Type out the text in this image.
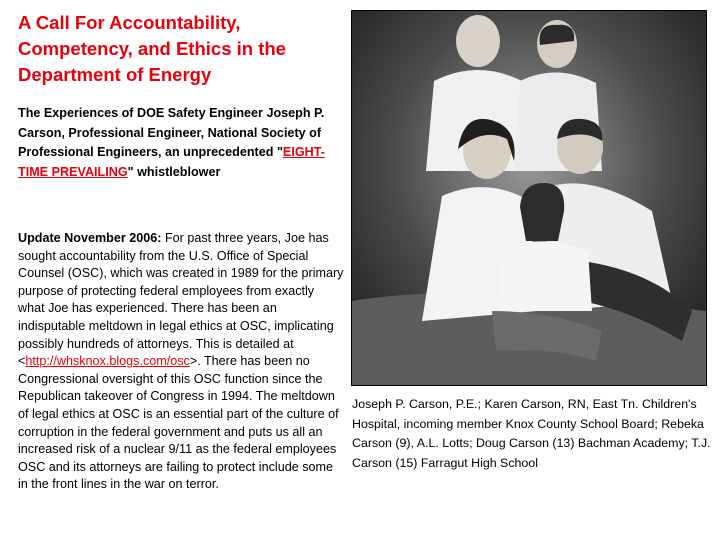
A Call For Accountability, Competency, and Ethics in the Department of Energy
The Experiences of DOE Safety Engineer Joseph P. Carson, Professional Engineer, National Society of Professional Engineers, an unprecedented "EIGHT-TIME PREVAILING" whistleblower
Update November 2006: For past three years, Joe has sought accountability from the U.S. Office of Special Counsel (OSC), which was created in 1989 for the primary purpose of protecting federal employees from exactly what Joe has experienced. There has been an indisputable meltdown in legal ethics at OSC, implicating possibly hundreds of attorneys. This is detailed at <http://whsknox.blogs.com/osc>. There has been no Congressional oversight of this OSC function since the Republican takeover of Congress in 1994. The meltdown of legal ethics at OSC is an essential part of the culture of corruption in the federal government and puts us all an increased risk of a nuclear 9/11 as the federal employees OSC and its attorneys are failing to protect include some in the front lines in the war on terror.
Joseph P. Carson, P.E.; Karen Carson, RN, East Tn. Children's Hospital, incoming member Knox County School Board; Rebeka Carson (9), A.L. Lotts; Doug Carson (13) Bachman Academy; T.J. Carson (15) Farragut High School
